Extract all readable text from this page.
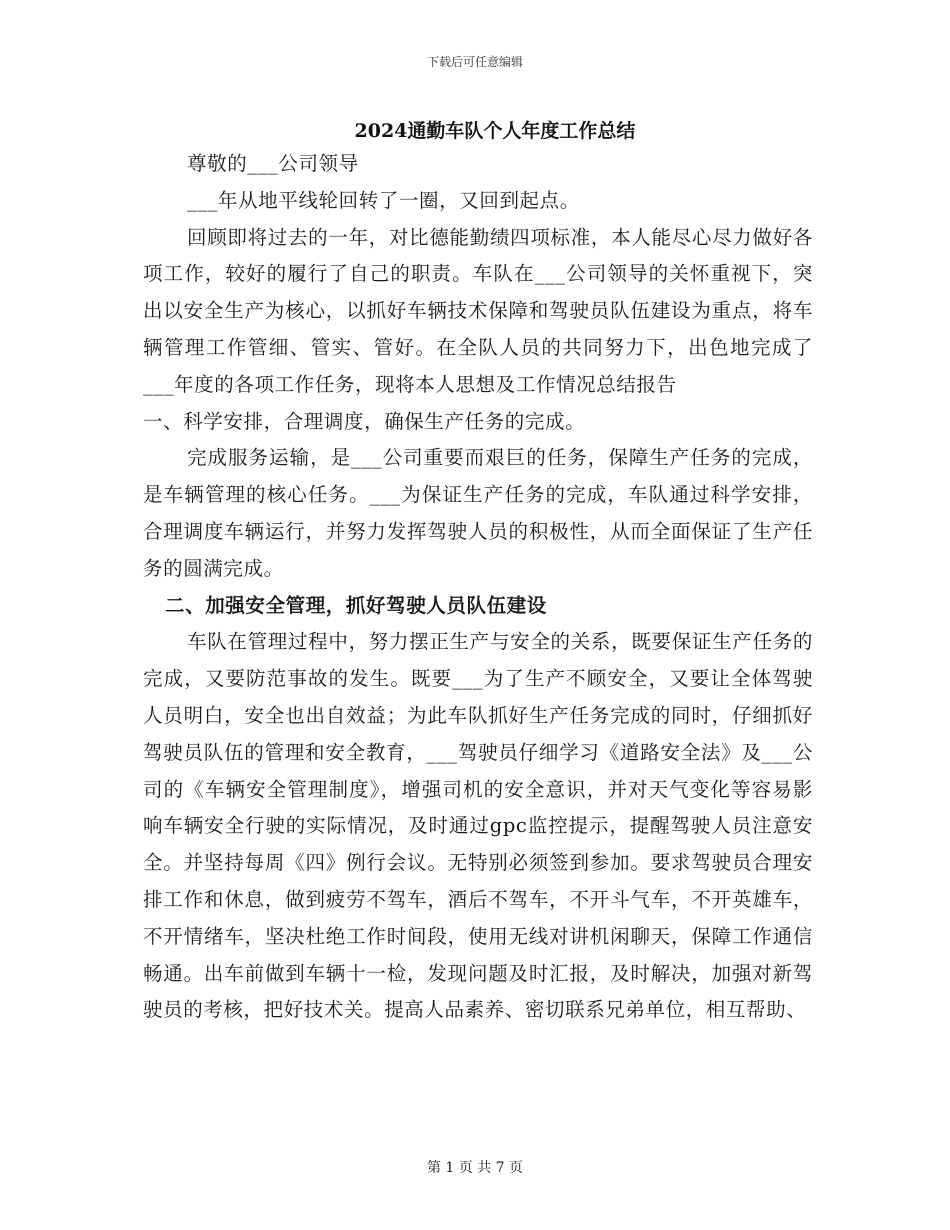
下载后可任意编辑
2024通勤车队个人年度工作总结

尊敬的___公司领导

___年从地平线轮回转了一圈，又回到起点。

回顾即将过去的一年，对比德能勤绩四项标准，本人能尽心尽力做好各项工作，较好的履行了自己的职责。车队在___公司领导的关怀重视下，突出以安全生产为核心，以抓好车辆技术保障和驾驶员队伍建设为重点，将车辆管理工作管细、管实、管好。在全队人员的共同努力下，出色地完成了___年度的各项工作任务，现将本人思想及工作情况总结报告

一、科学安排，合理调度，确保生产任务的完成。

完成服务运输，是___公司重要而艰巨的任务，保障生产任务的完成，是车辆管理的核心任务。___为保证生产任务的完成，车队通过科学安排，合理调度车辆运行，并努力发挥驾驶人员的积极性，从而全面保证了生产任务的圆满完成。

二、加强安全管理，抓好驾驶人员队伍建设

车队在管理过程中，努力摆正生产与安全的关系，既要保证生产任务的完成，又要防范事故的发生。既要___为了生产不顾安全，又要让全体驾驶人员明白，安全也出自效益；为此车队抓好生产任务完成的同时，仔细抓好驾驶员队伍的管理和安全教育，___驾驶员仔细学习《道路安全法》及___公司的《车辆安全管理制度》，增强司机的安全意识，并对天气变化等容易影响车辆安全行驶的实际情况，及时通过gpc监控提示，提醒驾驶人员注意安全。并坚持每周《四》例行会议。无特别必须签到参加。要求驾驶员合理安排工作和休息，做到疲劳不驾车，酒后不驾车，不开斗气车，不开英雄车，不开情绪车，坚决杜绝工作时间段，使用无线对讲机闲聊天，保障工作通信畅通。出车前做到车辆十一检，发现问题及时汇报，及时解决，加强对新驾驶员的考核，把好技术关。提高人品素养、密切联系兄弟单位，相互帮助、

第 1 页 共 7 页
